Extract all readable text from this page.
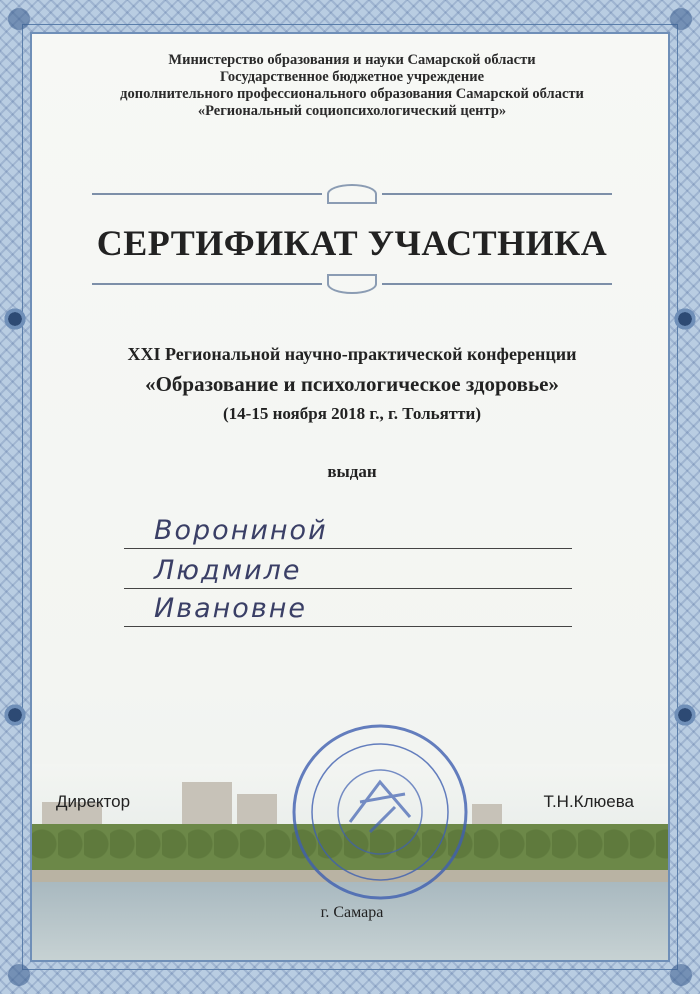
Министерство образования и науки Самарской области
Государственное бюджетное учреждение
дополнительного профессионального образования Самарской области
«Региональный социопсихологический центр»
СЕРТИФИКАТ УЧАСТНИКА
XXI Региональной научно-практической конференции
«Образование и психологическое здоровье»
(14-15 ноября 2018 г., г. Тольятти)
выдан
Ворониной
Людмиле
Ивановне
Директор	Т.Н.Клюева
г. Самара
